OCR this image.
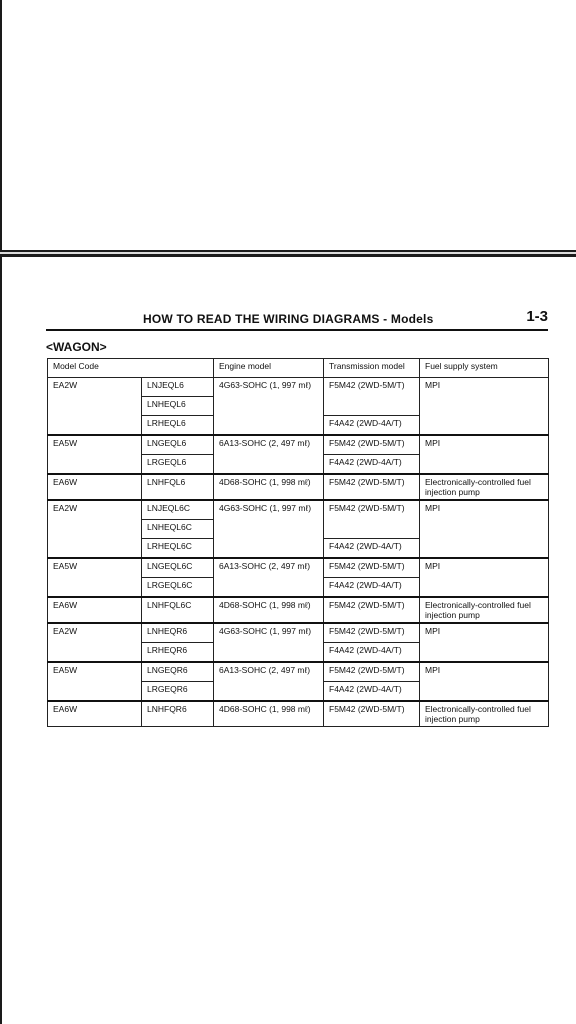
HOW TO READ THE WIRING DIAGRAMS - Models	1-3
<WAGON>
Model Code		Engine model	Transmission model	Fuel supply system
EA2W	LNJEQL6	4G63-SOHC (1, 997 mℓ)	F5M42 (2WD-5M/T)	MPI
	LNHEQL6			
	LRHEQL6		F4A42 (2WD-4A/T)	
EA5W	LNGEQL6	6A13-SOHC (2, 497 mℓ)	F5M42 (2WD-5M/T)	MPI
	LRGEQL6		F4A42 (2WD-4A/T)	
EA6W	LNHFQL6	4D68-SOHC (1, 998 mℓ)	F5M42 (2WD-5M/T)	Electronically-controlled fuel injection pump
EA2W	LNJEQL6C	4G63-SOHC (1, 997 mℓ)	F5M42 (2WD-5M/T)	MPI
	LNHEQL6C			
	LRHEQL6C		F4A42 (2WD-4A/T)	
EA5W	LNGEQL6C	6A13-SOHC (2, 497 mℓ)	F5M42 (2WD-5M/T)	MPI
	LRGEQL6C		F4A42 (2WD-4A/T)	
EA6W	LNHFQL6C	4D68-SOHC (1, 998 mℓ)	F5M42 (2WD-5M/T)	Electronically-controlled fuel injection pump
EA2W	LNHEQR6	4G63-SOHC (1, 997 mℓ)	F5M42 (2WD-5M/T)	MPI
	LRHEQR6		F4A42 (2WD-4A/T)	
EA5W	LNGEQR6	6A13-SOHC (2, 497 mℓ)	F5M42 (2WD-5M/T)	MPI
	LRGEQR6		F4A42 (2WD-4A/T)	
EA6W	LNHFQR6	4D68-SOHC (1, 998 mℓ)	F5M42 (2WD-5M/T)	Electronically-controlled fuel injection pump
